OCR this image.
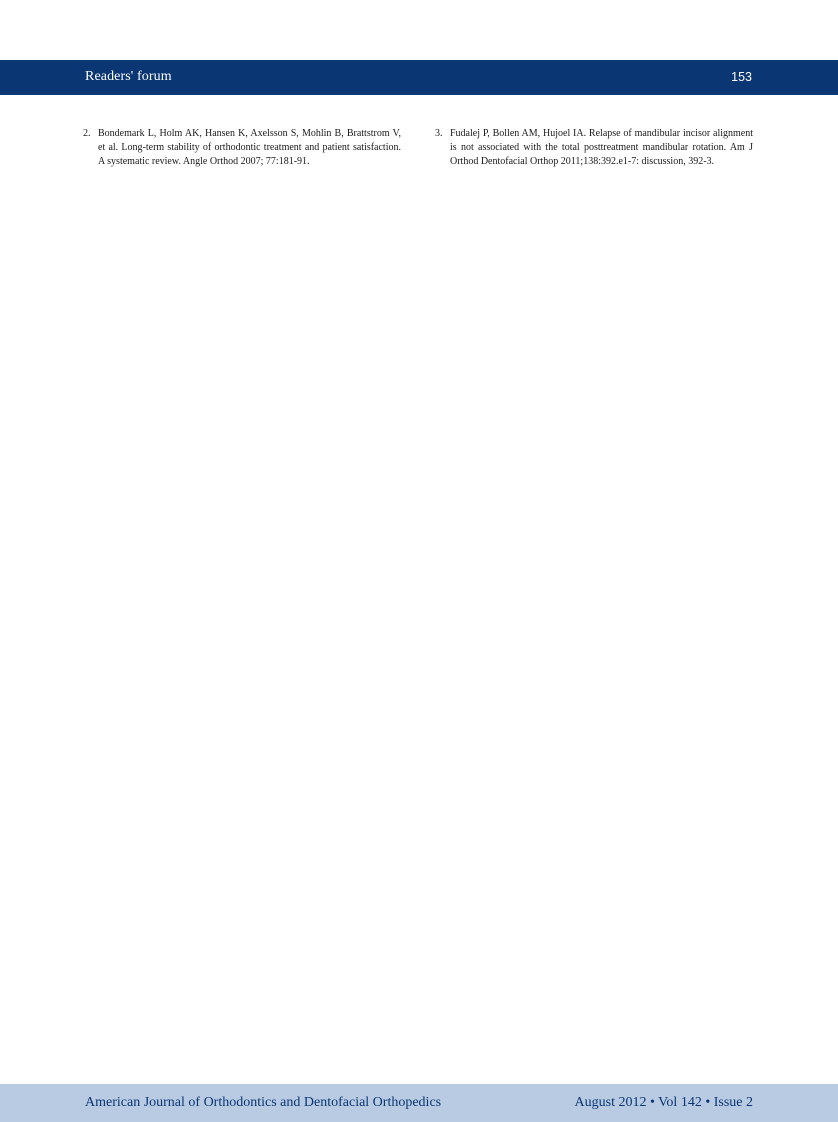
Readers' forum	153
2. Bondemark L, Holm AK, Hansen K, Axelsson S, Mohlin B, Brattstrom V, et al. Long-term stability of orthodontic treatment and patient satisfaction. A systematic review. Angle Orthod 2007; 77:181-91.
3. Fudalej P, Bollen AM, Hujoel IA. Relapse of mandibular incisor alignment is not associated with the total posttreatment mandibular rotation. Am J Orthod Dentofacial Orthop 2011;138:392.e1-7: discussion, 392-3.
American Journal of Orthodontics and Dentofacial Orthopedics	August 2012 • Vol 142 • Issue 2
